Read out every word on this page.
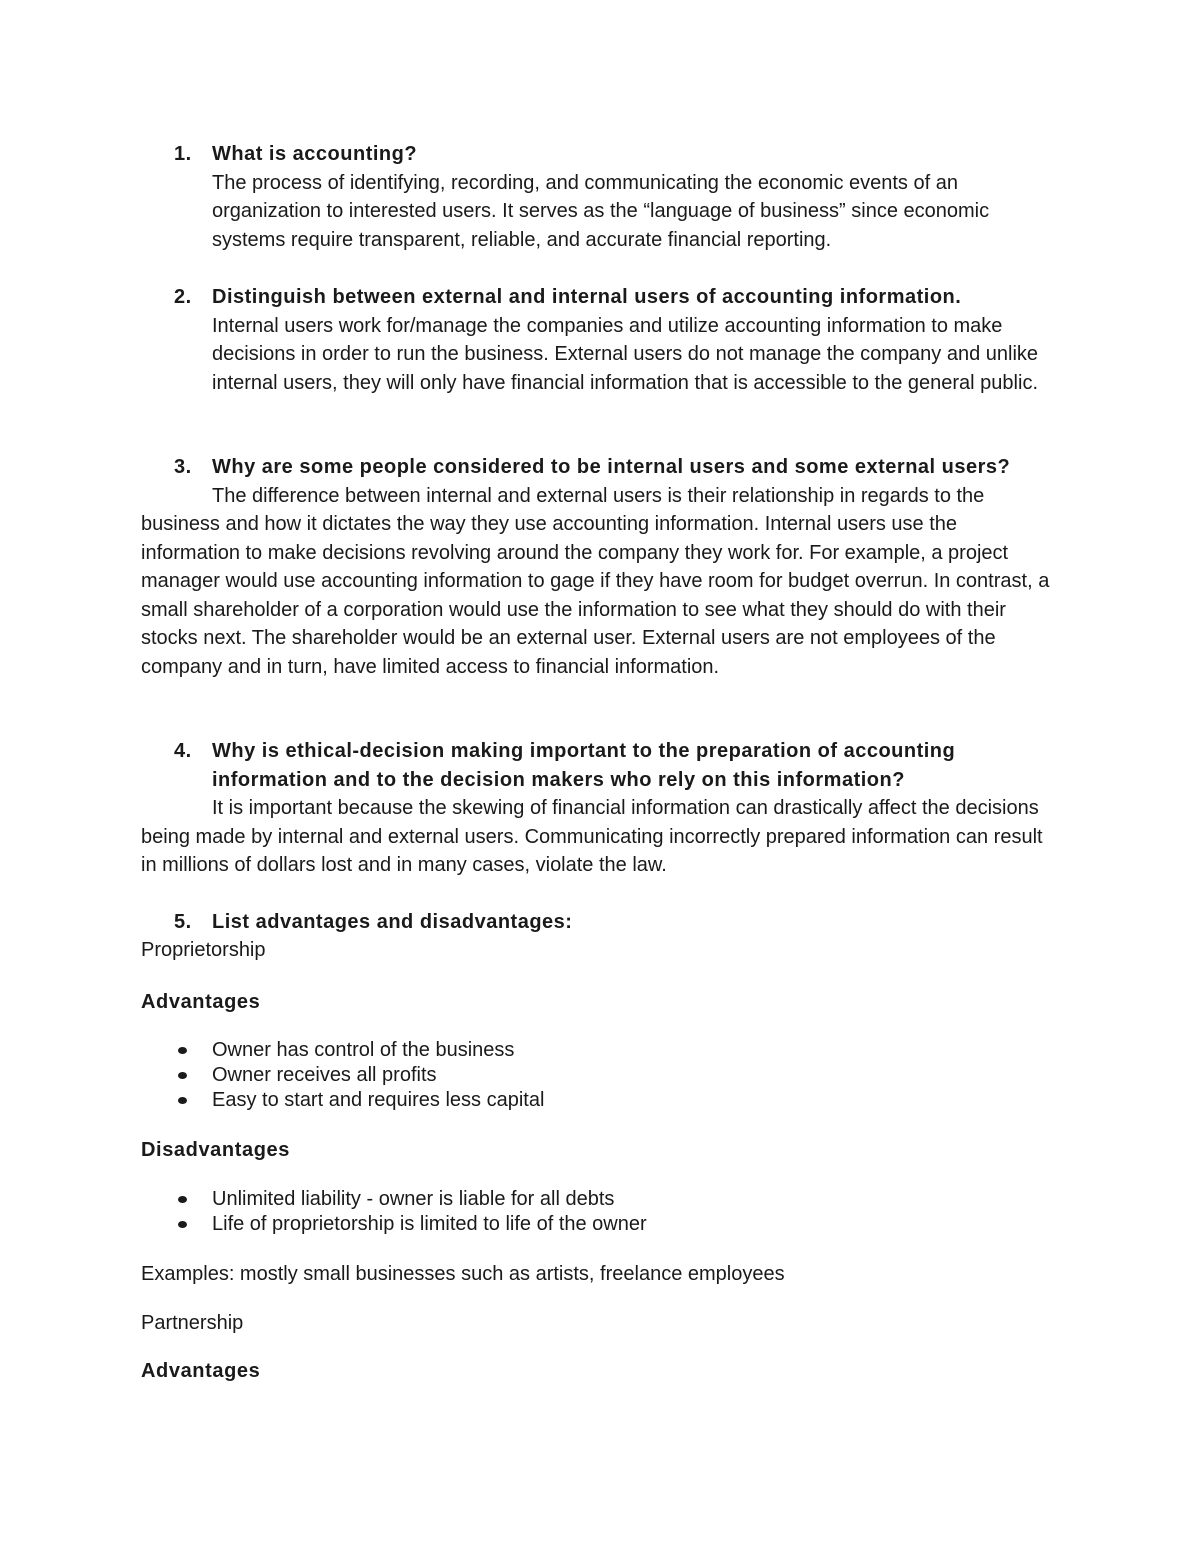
1. What is accounting?
The process of identifying, recording, and communicating the economic events of an organization to interested users. It serves as the “language of business” since economic systems require transparent, reliable, and accurate financial reporting.
2. Distinguish between external and internal users of accounting information.
Internal users work for/manage the companies and utilize accounting information to make decisions in order to run the business. External users do not manage the company and unlike internal users, they will only have financial information that is accessible to the general public.
3. Why are some people considered to be internal users and some external users?
The difference between internal and external users is their relationship in regards to the business and how it dictates the way they use accounting information. Internal users use the information to make decisions revolving around the company they work for. For example, a project manager would use accounting information to gage if they have room for budget overrun. In contrast, a small shareholder of a corporation would use the information to see what they should do with their stocks next. The shareholder would be an external user. External users are not employees of the company and in turn, have limited access to financial information.
4. Why is ethical-decision making important to the preparation of accounting information and to the decision makers who rely on this information?
It is important because the skewing of financial information can drastically affect the decisions being made by internal and external users. Communicating incorrectly prepared information can result in millions of dollars lost and in many cases, violate the law.
5. List advantages and disadvantages:
Proprietorship
Advantages
Owner has control of the business
Owner receives all profits
Easy to start and requires less capital
Disadvantages
Unlimited liability - owner is liable for all debts
Life of proprietorship is limited to life of the owner
Examples: mostly small businesses such as artists, freelance employees
Partnership
Advantages
